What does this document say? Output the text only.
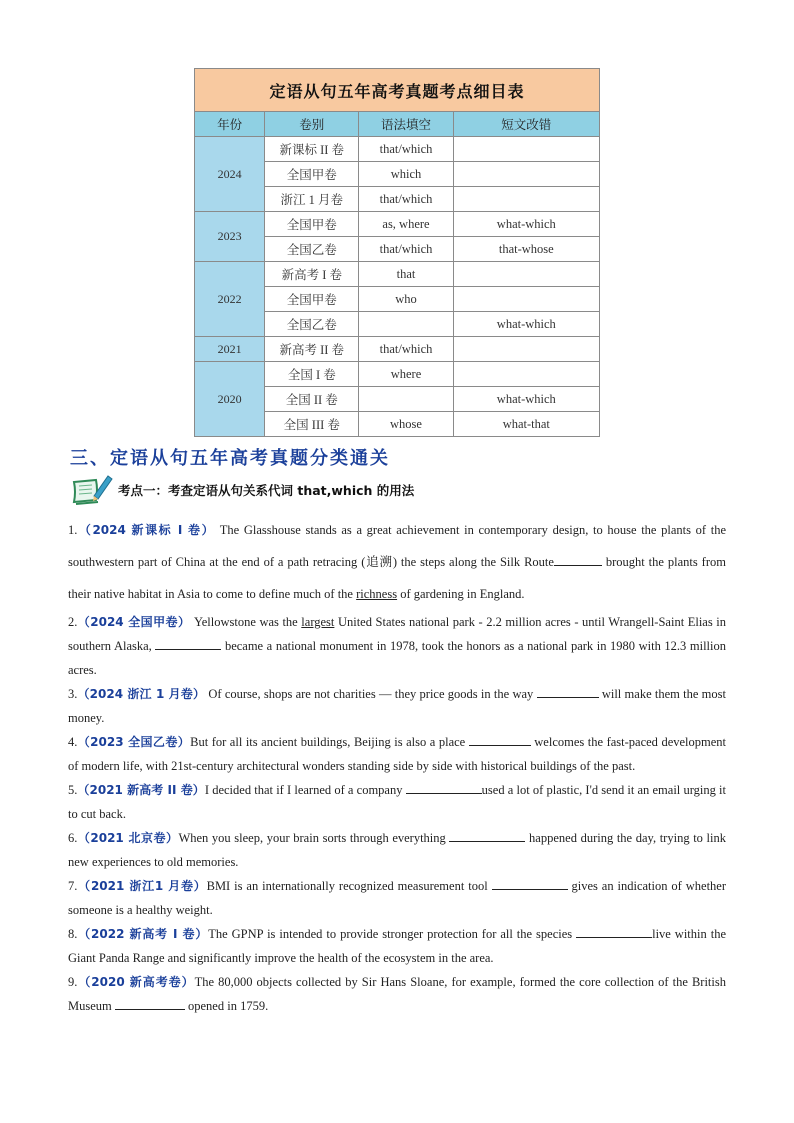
定语从句五年高考真题考点细目表			
年份	卷别	语法填空	短文改错
2024	新课标 II 卷	that/which	
	全国甲卷	which	
	浙江 1 月卷	that/which	
2023	全国甲卷	as, where	what-which
	全国乙卷	that/which	that-whose
2022	新高考 I 卷	that	
	全国甲卷	who	
	全国乙卷		what-which
2021	新高考 II 卷	that/which	
2020	全国 I 卷	where	
	全国 II 卷		what-which
	全国 III 卷	whose	what-that
三、定语从句五年高考真题分类通关
考点一：考查定语从句关系代词 that,which 的用法

1.（2024 新课标 I 卷） The Glasshouse stands as a great achievement in contemporary design, to house the plants of the southwestern part of China at the end of a path retracing (追溯) the steps along the Silk Route	brought the plants from their native habitat in Asia to come to define much of the richness of gardening in England.

2.（2024 全国甲卷） Yellowstone was the largest United States national park - 2.2 million acres - until Wrangell-Saint Elias in southern Alaska,	became a national monument in 1978, took the honors as a national park in 1980 with 12.3 million acres.

3.（2024 浙江 1 月卷） Of course, shops are not charities — they price goods in the way	will make them the most money.

4.（2023 全国乙卷）But for all its ancient buildings, Beijing is also a place	welcomes the fast-paced development of modern life, with 21st-century architectural wonders standing side by side with historical buildings of the past.

5.（2021 新高考 II 卷）I decided that if I learned of a company	used a lot of plastic, I'd send it an email urging it to cut back.

6.（2021 北京卷）When you sleep, your brain sorts through everything	happened during the day, trying to link new experiences to old memories.

7.（2021 浙江1 月卷）BMI is an internationally recognized measurement tool	gives an indication of whether someone is a healthy weight.

8.（2022 新高考 I 卷）The GPNP is intended to provide stronger protection for all the species	live within the Giant Panda Range and significantly improve the health of the ecosystem in the area.

9.（2020 新高考卷）The 80,000 objects collected by Sir Hans Sloane, for example, formed the core collection of the British Museum	opened in 1759.
